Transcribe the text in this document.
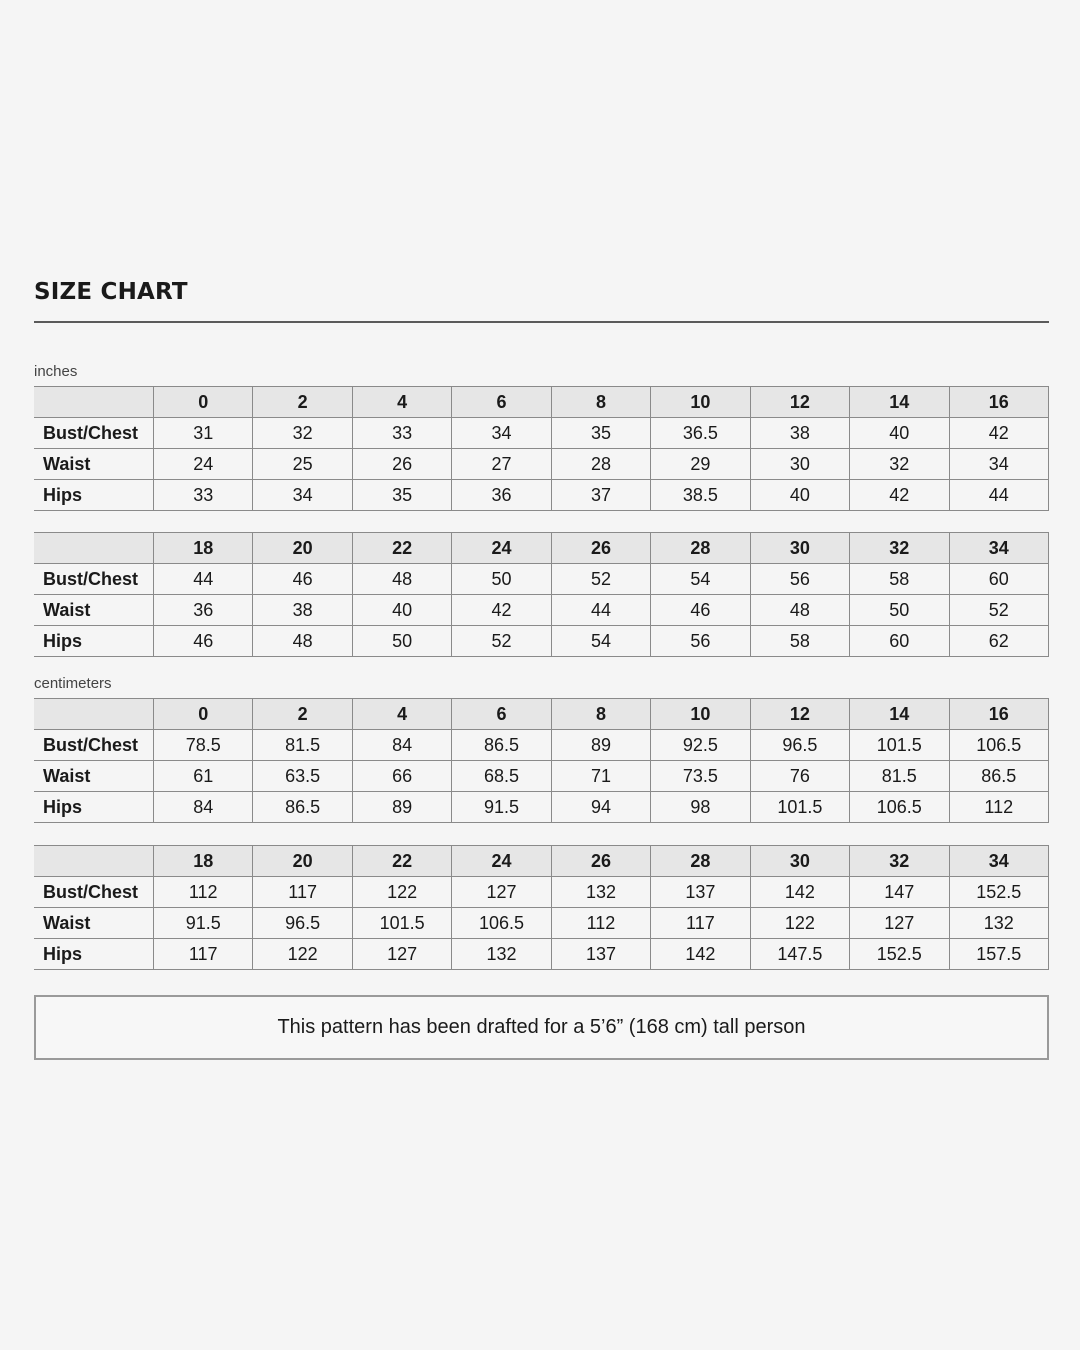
SIZE CHART
inches
	0	2	4	6	8	10	12	14	16
Bust/Chest	31	32	33	34	35	36.5	38	40	42
Waist	24	25	26	27	28	29	30	32	34
Hips	33	34	35	36	37	38.5	40	42	44
	18	20	22	24	26	28	30	32	34
Bust/Chest	44	46	48	50	52	54	56	58	60
Waist	36	38	40	42	44	46	48	50	52
Hips	46	48	50	52	54	56	58	60	62
centimeters
	0	2	4	6	8	10	12	14	16
Bust/Chest	78.5	81.5	84	86.5	89	92.5	96.5	101.5	106.5
Waist	61	63.5	66	68.5	71	73.5	76	81.5	86.5
Hips	84	86.5	89	91.5	94	98	101.5	106.5	112
	18	20	22	24	26	28	30	32	34
Bust/Chest	112	117	122	127	132	137	142	147	152.5
Waist	91.5	96.5	101.5	106.5	112	117	122	127	132
Hips	117	122	127	132	137	142	147.5	152.5	157.5
This pattern has been drafted for a 5’6” (168 cm) tall person
